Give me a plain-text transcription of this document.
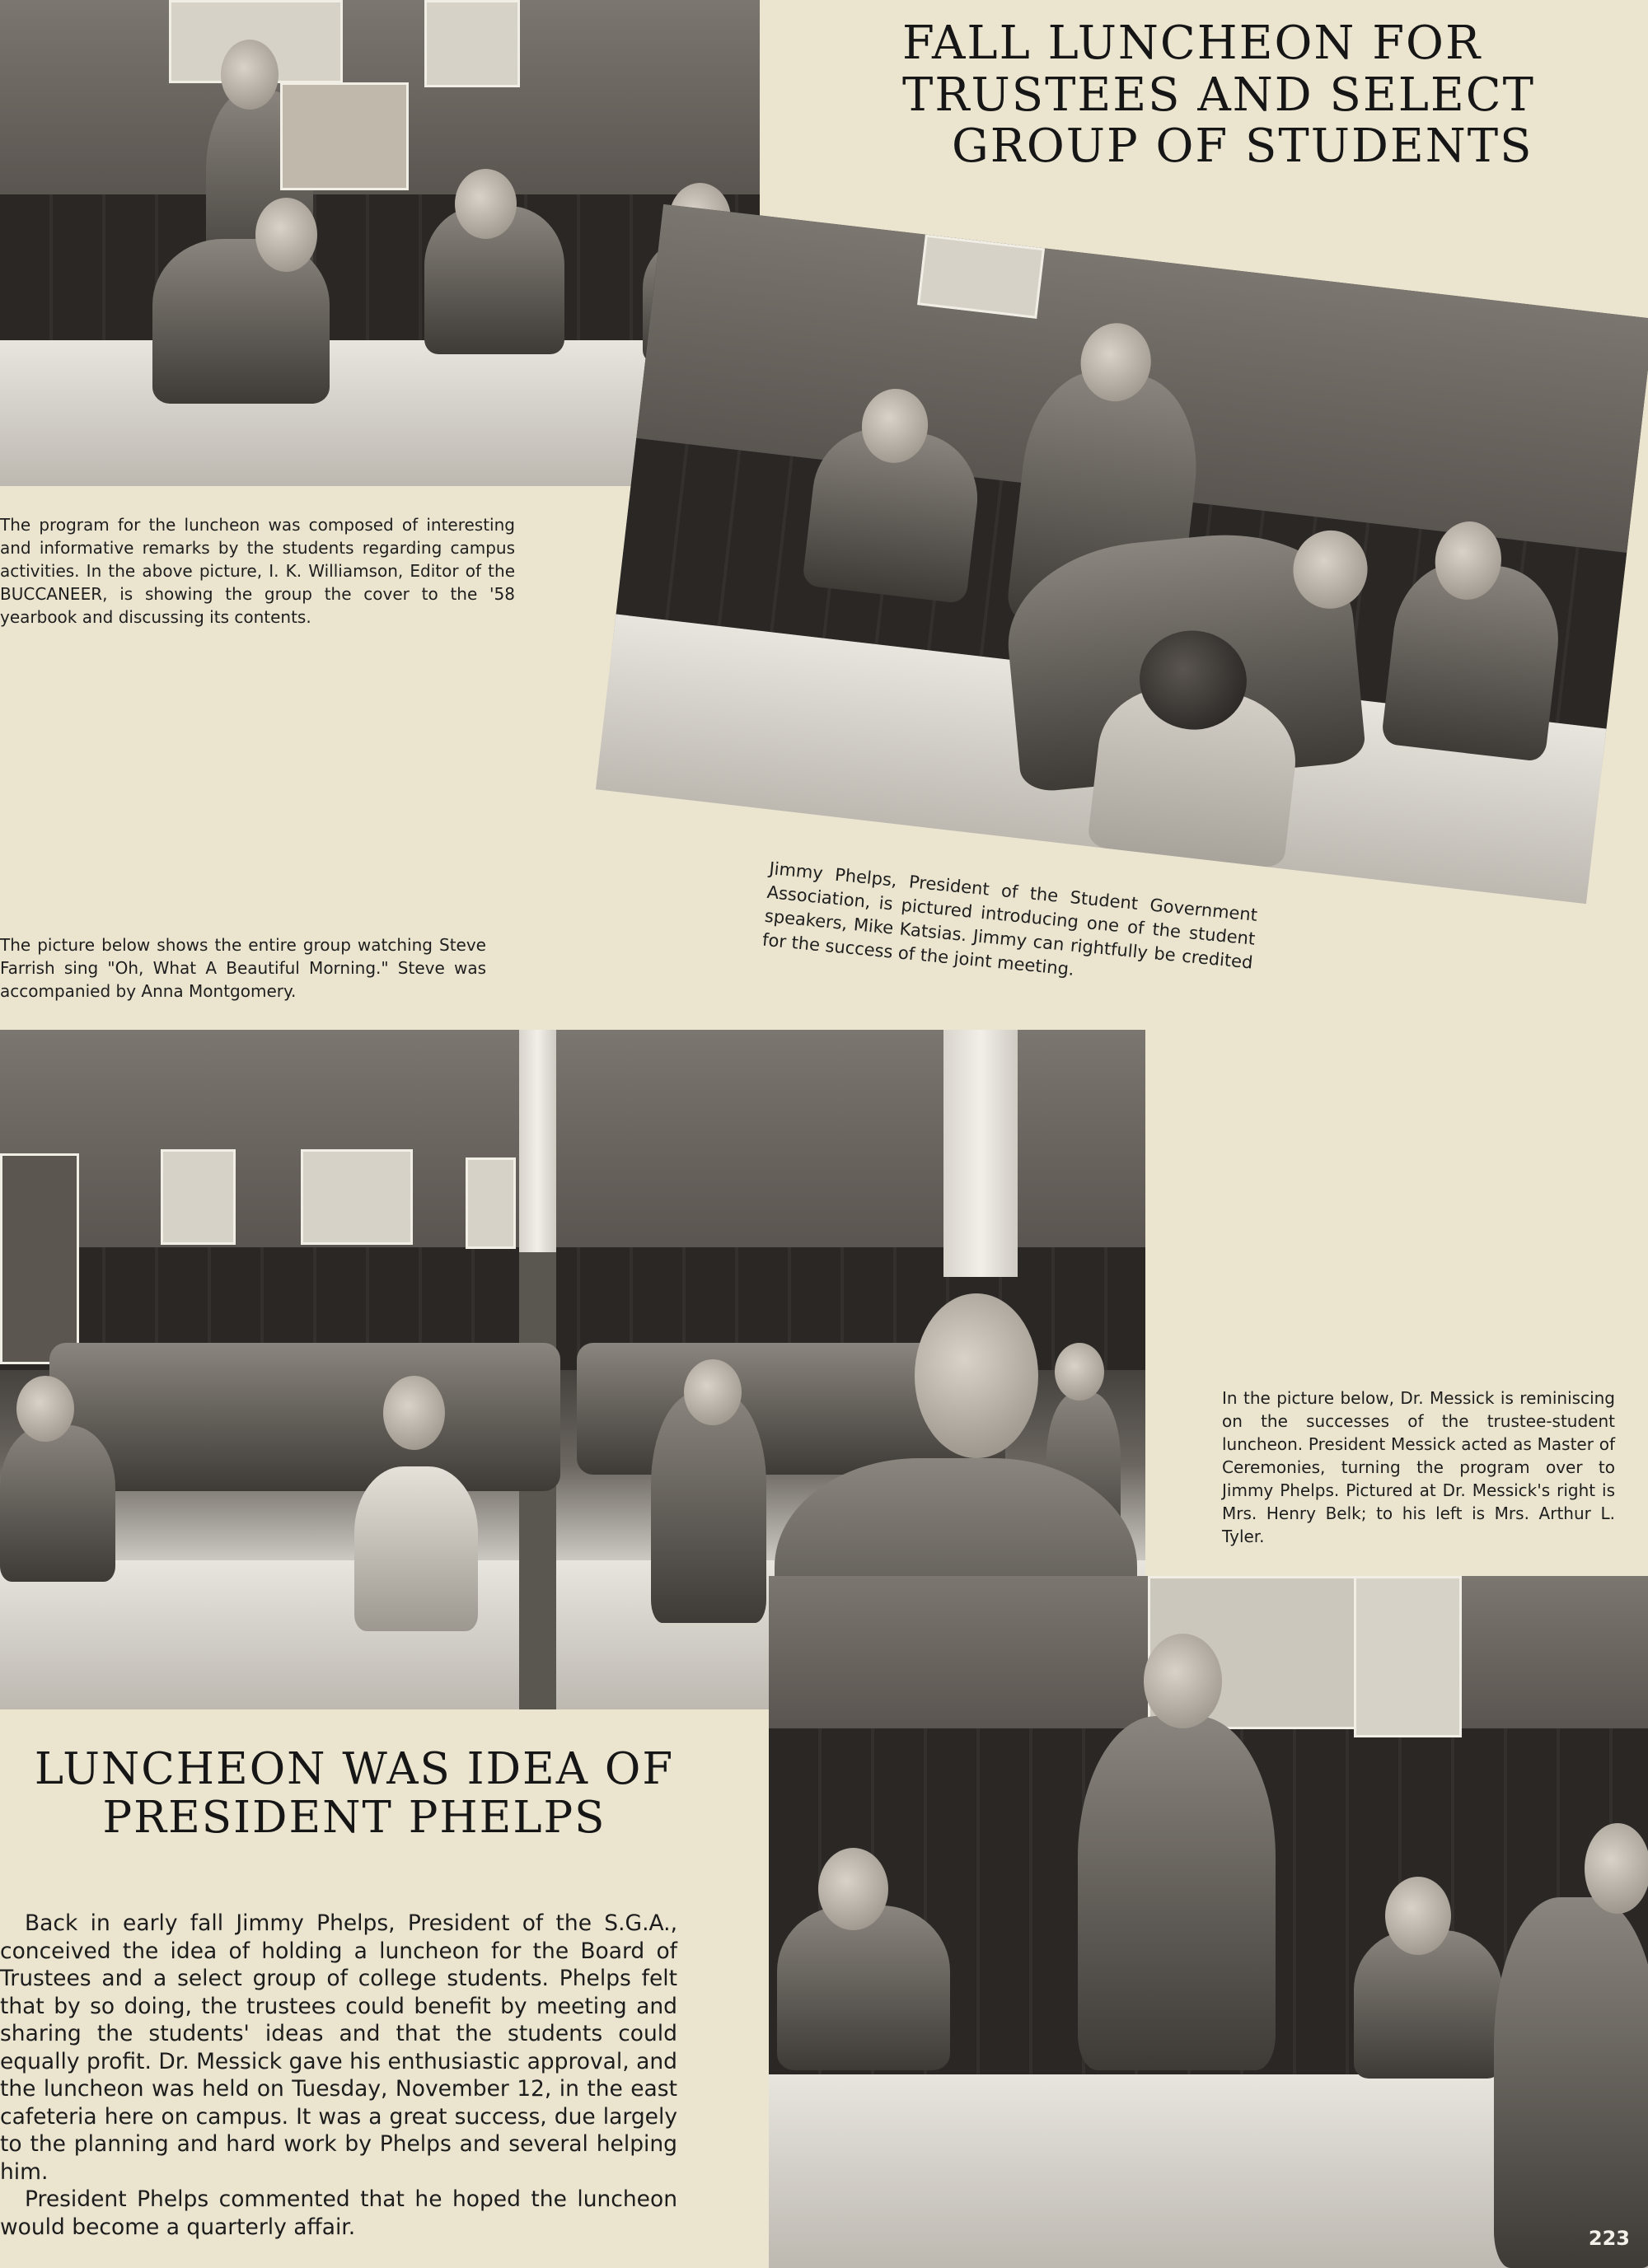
FALL LUNCHEON FOR
TRUSTEES AND SELECT
GROUP OF STUDENTS

The program for the luncheon was composed of interesting and informative remarks by the students regarding campus activities. In the above picture, I. K. Williamson, Editor of the BUCCANEER, is showing the group the cover to the '58 yearbook and discussing its contents.

Jimmy Phelps, President of the Student Government Association, is pictured introducing one of the student speakers, Mike Katsias. Jimmy can rightfully be credited for the success of the joint meeting.

The picture below shows the entire group watching Steve Farrish sing "Oh, What A Beautiful Morning." Steve was accompanied by Anna Montgomery.

In the picture below, Dr. Messick is reminiscing on the successes of the trustee-student luncheon. President Messick acted as Master of Ceremonies, turning the program over to Jimmy Phelps. Pictured at Dr. Messick's right is Mrs. Henry Belk; to his left is Mrs. Arthur L. Tyler.

LUNCHEON WAS IDEA OF
PRESIDENT PHELPS

Back in early fall Jimmy Phelps, President of the S.G.A., conceived the idea of holding a luncheon for the Board of Trustees and a select group of college students. Phelps felt that by so doing, the trustees could benefit by meeting and sharing the students' ideas and that the students could equally profit. Dr. Messick gave his enthusiastic approval, and the luncheon was held on Tuesday, November 12, in the east cafeteria here on campus. It was a great success, due largely to the planning and hard work by Phelps and several helping him.

President Phelps commented that he hoped the luncheon would become a quarterly affair.	223
